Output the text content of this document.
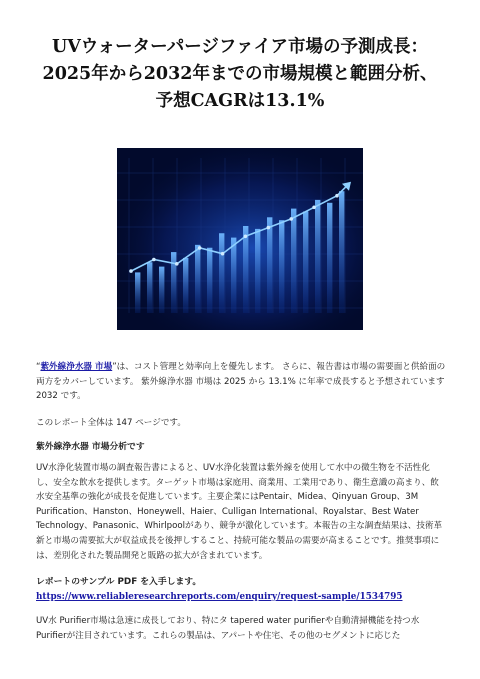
UVウォーターパージファイア市場の予測成長：2025年から2032年までの市場規模と範囲分析、予想CAGRは13.1%
“紫外線浄水器 市場”は、コスト管理と効率向上を優先します。 さらに、報告書は市場の需要面と供給面の両方をカバーしています。 紫外線浄水器 市場は 2025 から 13.1% に年率で成長すると予想されています2032 です。
このレポート全体は 147 ページです。
紫外線浄水器 市場分析です
UV水浄化装置市場の調査報告書によると、UV水浄化装置は紫外線を使用して水中の微生物を不活性化し、安全な飲水を提供します。ターゲット市場は家庭用、商業用、工業用であり、衛生意識の高まり、飲水安全基準の強化が成長を促進しています。主要企業にはPentair、Midea、Qinyuan Group、3M Purification、Hanston、Honeywell、Haier、Culligan International、Royalstar、Best Water Technology、Panasonic、Whirlpoolがあり、競争が激化しています。本報告の主な調査結果は、技術革新と市場の需要拡大が収益成長を後押しすること、持続可能な製品の需要が高まることです。推奨事項には、差別化された製品開発と販路の拡大が含まれています。
レポートのサンプル PDF を入手します。 https://www.reliableresearchreports.com/enquiry/request-sample/1534795
UV水 Purifier市場は急速に成長しており、特にタ tapered water purifierや自動清掃機能を持つ水Purifierが注目されています。これらの製品は、アパートや住宅、その他のセグメントに応じた
